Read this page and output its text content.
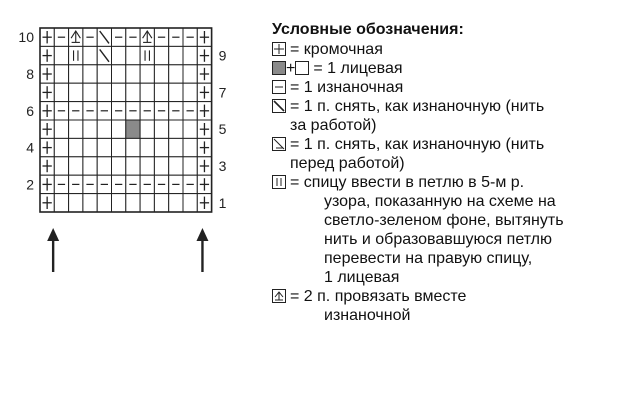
10
8
6
4
2
9
7
5
3
1
Условные обозначения:
= кромочная
+ = 1 лицевая
= 1 изнаночная
= 1 п. снять, как изнаночную (нить
за работой)
= 1 п. снять, как изнаночную (нить
перед работой)
= спицу ввести в петлю в 5-м р.
узора, показанную на схеме на
светло-зеленом фоне, вытянуть
нить и образовавшуюся петлю
перевести на правую спицу,
1 лицевая
= 2 п. провязать вместе
изнаночной
